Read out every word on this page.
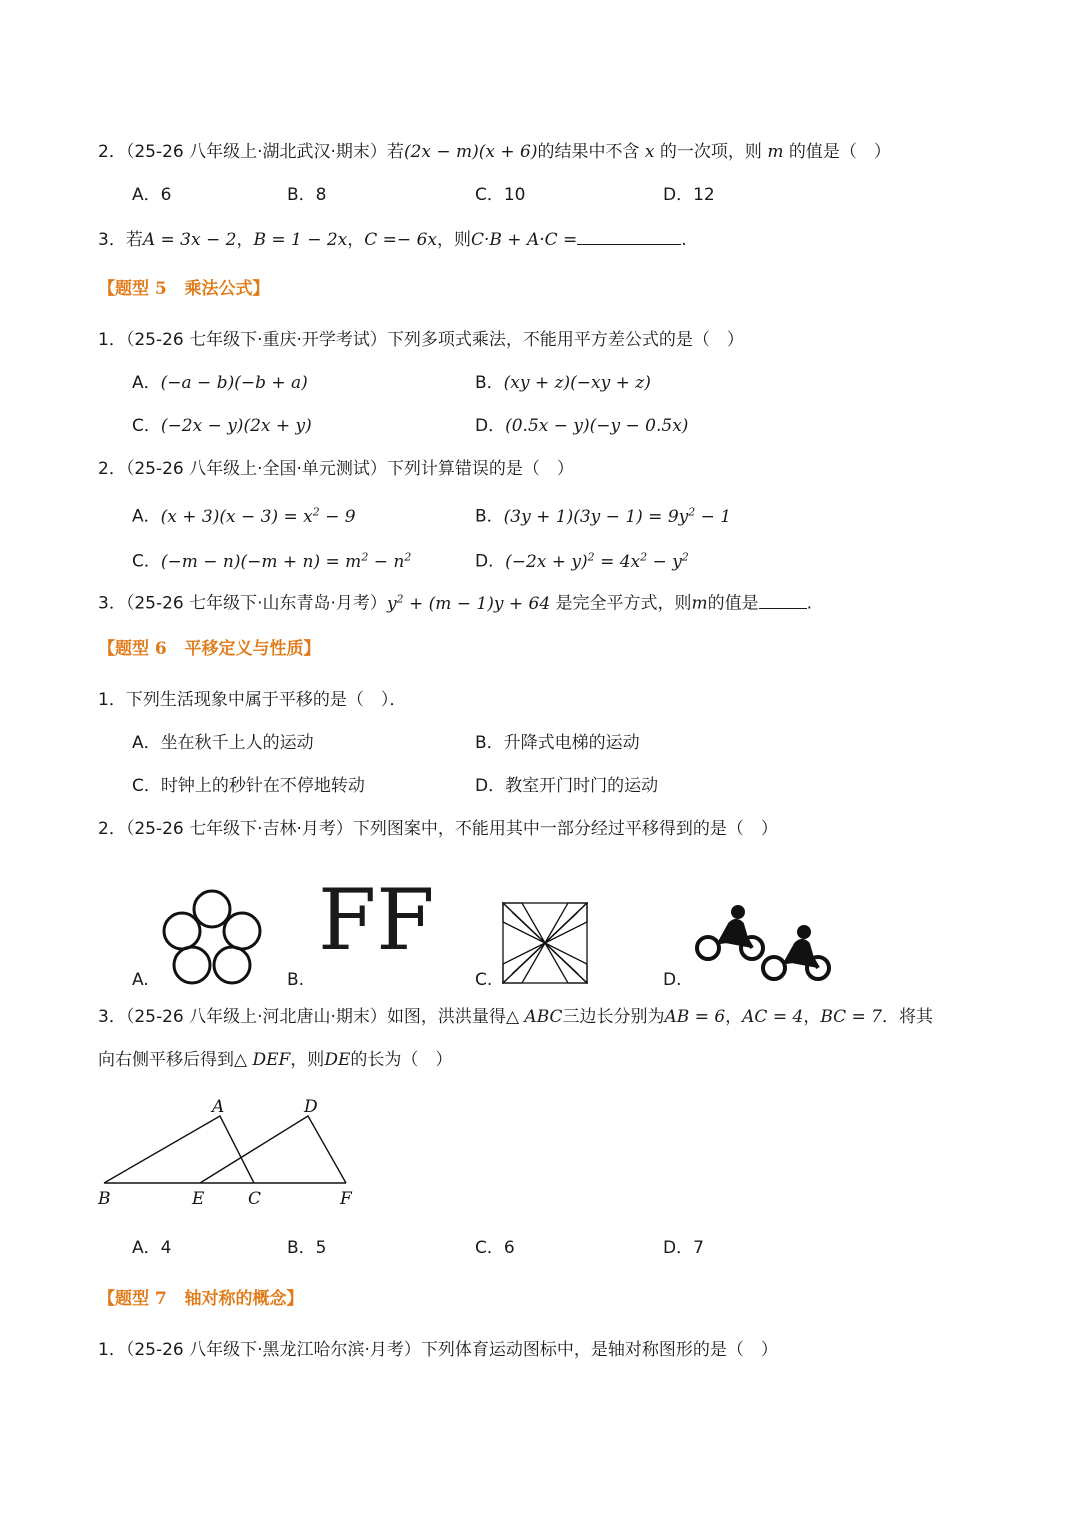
2．（25-26 八年级上·湖北武汉·期末）若(2x − m)(x + 6)的结果中不含 x 的一次项，则 m 的值是（　）
A．6	B．8	C．10	D．12
3．若A = 3x − 2，B = 1 − 2x，C =− 6x，则C·B + A·C =	.
【题型 5 乘法公式】
1．（25-26 七年级下·重庆·开学考试）下列多项式乘法，不能用平方差公式的是（　）
A．(−a − b)(−b + a)	B．(xy + z)(−xy + z)
C．(−2x − y)(2x + y)	D．(0.5x − y)(−y − 0.5x)
2．（25-26 八年级上·全国·单元测试）下列计算错误的是（　）
A．$(x + 3)(x - 3) = x^2 - 9$	B．$(3y + 1)(3y - 1) = 9y^2 - 1$
C．$(-m - n)(-m + n) = m^2 - n^2$	D．$(-2x + y)^2 = 4x^2 - y^2$
3．（25-26 七年级下·山东青岛·月考）$y^2 + (m - 1)y + 64$ 是完全平方式，则m的值是	.
【题型 6 平移定义与性质】
1．下列生活现象中属于平移的是（　）．
A．坐在秋千上人的运动	B．升降式电梯的运动
C．时钟上的秒针在不停地转动	D．教室开门时门的运动
2．（25-26 七年级下·吉林·月考）下列图案中，不能用其中一部分经过平移得到的是（　）
A.
FF
B.	C.	D.
3．（25-26 八年级上·河北唐山·期末）如图，洪洪量得△ ABC三边长分别为AB = 6，AC = 4，BC = 7．将其
向右侧平移后得到△ DEF，则DE的长为（　）
A	D
B	E	C	F
A．4	B．5	C．6	D．7
【题型 7 轴对称的概念】
1．（25-26 八年级下·黑龙江哈尔滨·月考）下列体育运动图标中，是轴对称图形的是（　）
